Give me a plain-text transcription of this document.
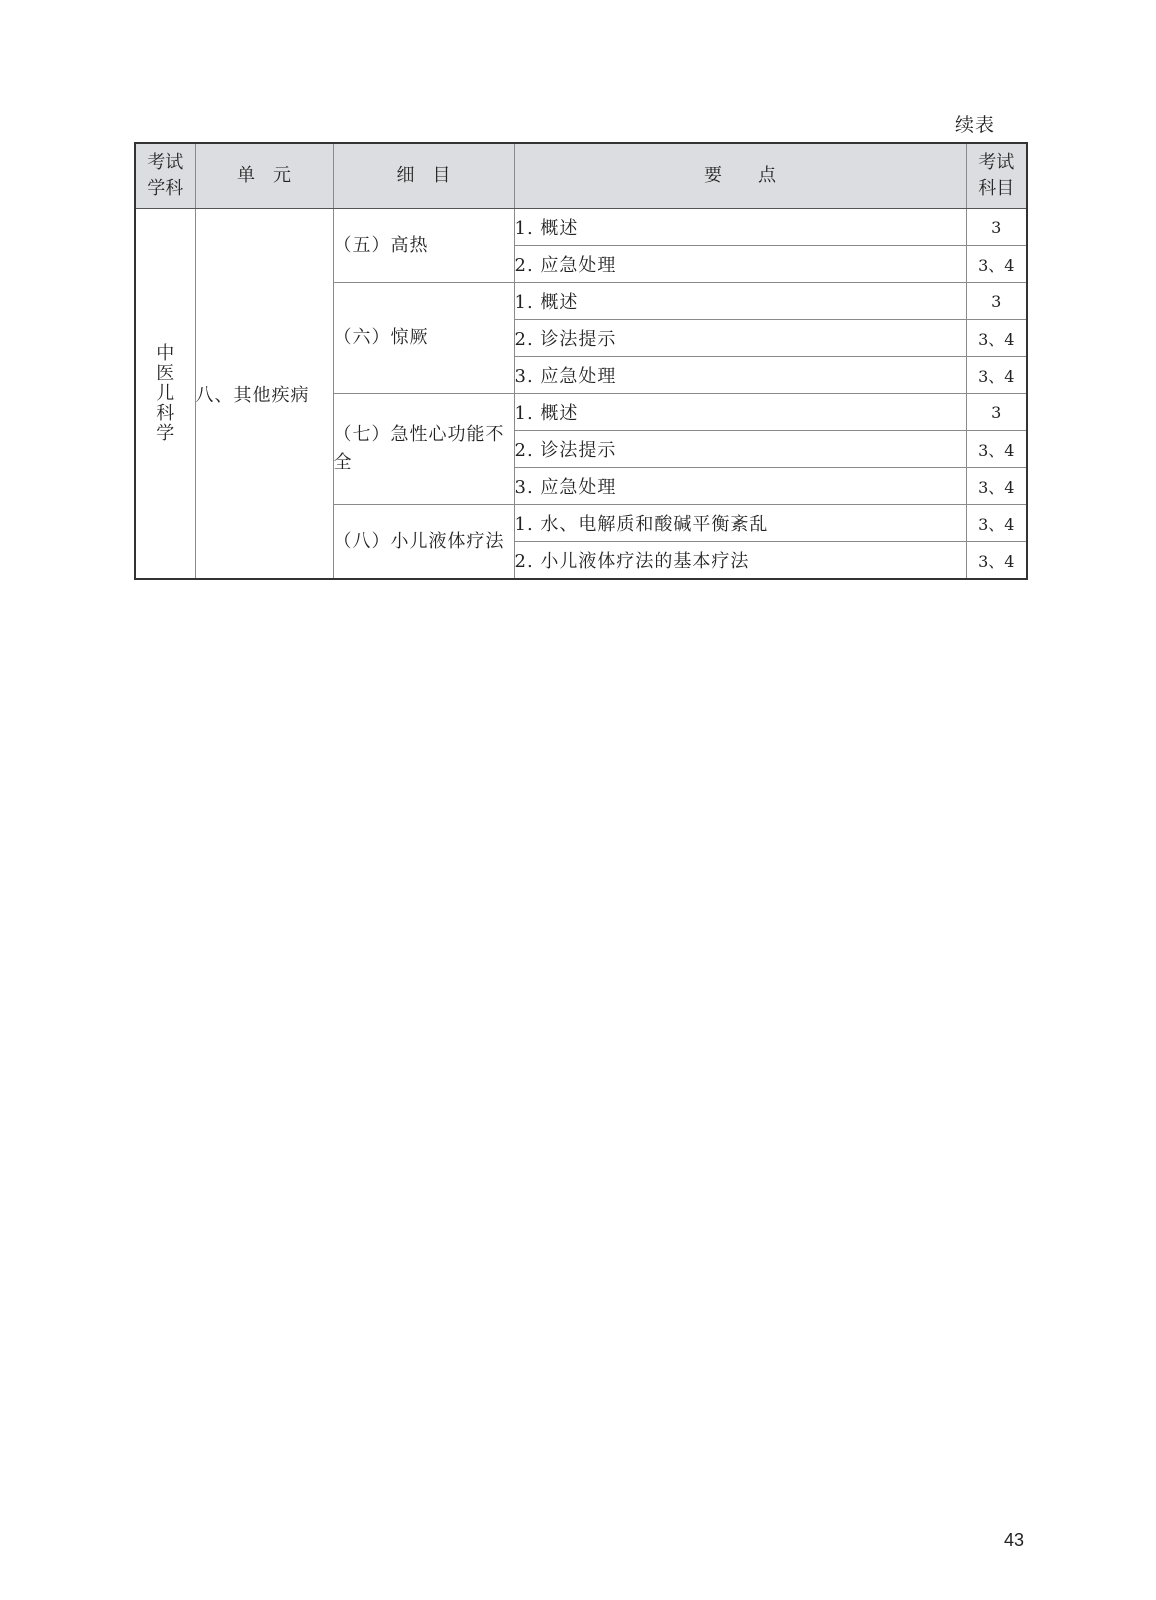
续表
考试学科	单　元	细　目	要　　点	考试科目

中医儿科学	八、其他疾病	（五）高热	1. 概述	3
			2. 应急处理	3、4
		（六）惊厥	1. 概述	3
			2. 诊法提示	3、4
			3. 应急处理	3、4
		（七）急性心功能不全	1. 概述	3
			2. 诊法提示	3、4
			3. 应急处理	3、4
		（八）小儿液体疗法	1. 水、电解质和酸碱平衡紊乱	3、4
			2. 小儿液体疗法的基本疗法	3、4
43
